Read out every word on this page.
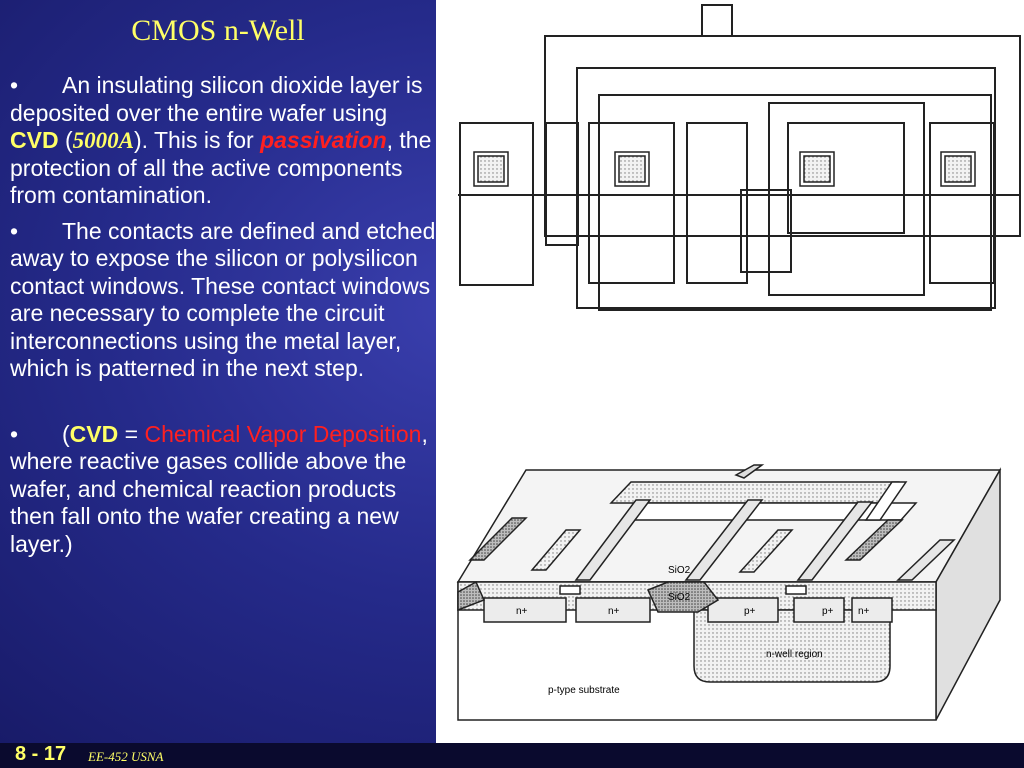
CMOS n-Well

• An insulating silicon dioxide layer is deposited over the entire wafer using CVD (5000A). This is for passivation, the protection of all the active components from contamination.

• The contacts are defined and etched away to expose the silicon or polysilicon contact windows. These contact windows are necessary to complete the circuit interconnections using the metal layer, which is patterned in the next step.

• (CVD = Chemical Vapor Deposition, where reactive gases collide above the wafer, and chemical reaction products then fall onto the wafer creating a new layer.)

SiO2
SiO2
n+	n+	p+	p+ n+
n-well region
p-type substrate
8 - 17 EE-452 USNA
